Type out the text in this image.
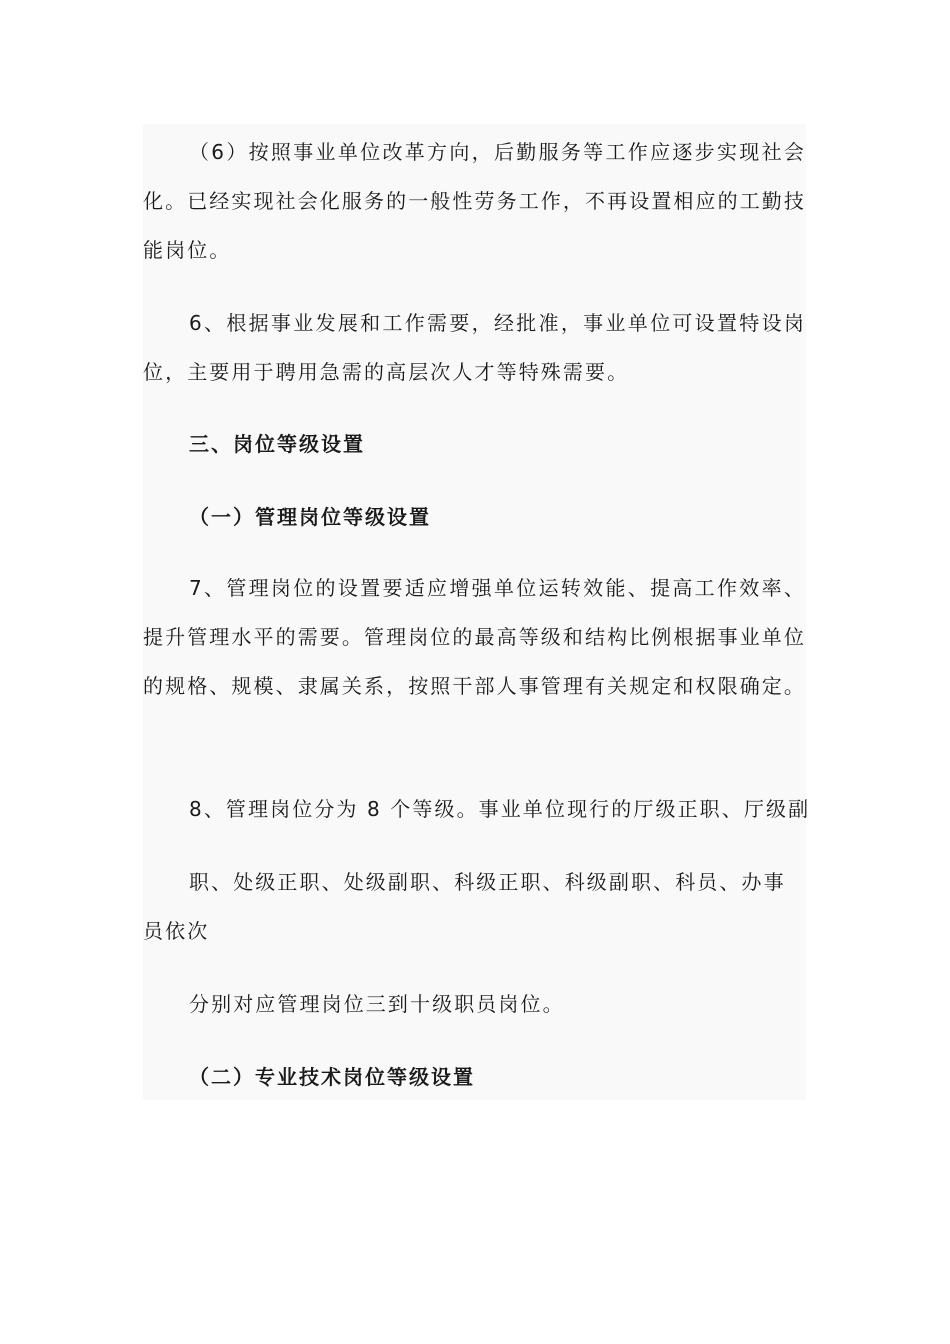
（6）按照事业单位改革方向，后勤服务等工作应逐步实现社会化。已经实现社会化服务的一般性劳务工作，不再设置相应的工勤技能岗位。
6、根据事业发展和工作需要，经批准，事业单位可设置特设岗位，主要用于聘用急需的高层次人才等特殊需要。
三、岗位等级设置
（一）管理岗位等级设置
7、管理岗位的设置要适应增强单位运转效能、提高工作效率、提升管理水平的需要。管理岗位的最高等级和结构比例根据事业单位的规格、规模、隶属关系，按照干部人事管理有关规定和权限确定。
8、管理岗位分为 8 个等级。事业单位现行的厅级正职、厅级副
职、处级正职、处级副职、科级正职、科级副职、科员、办事
员依次
分别对应管理岗位三到十级职员岗位。
（二）专业技术岗位等级设置
